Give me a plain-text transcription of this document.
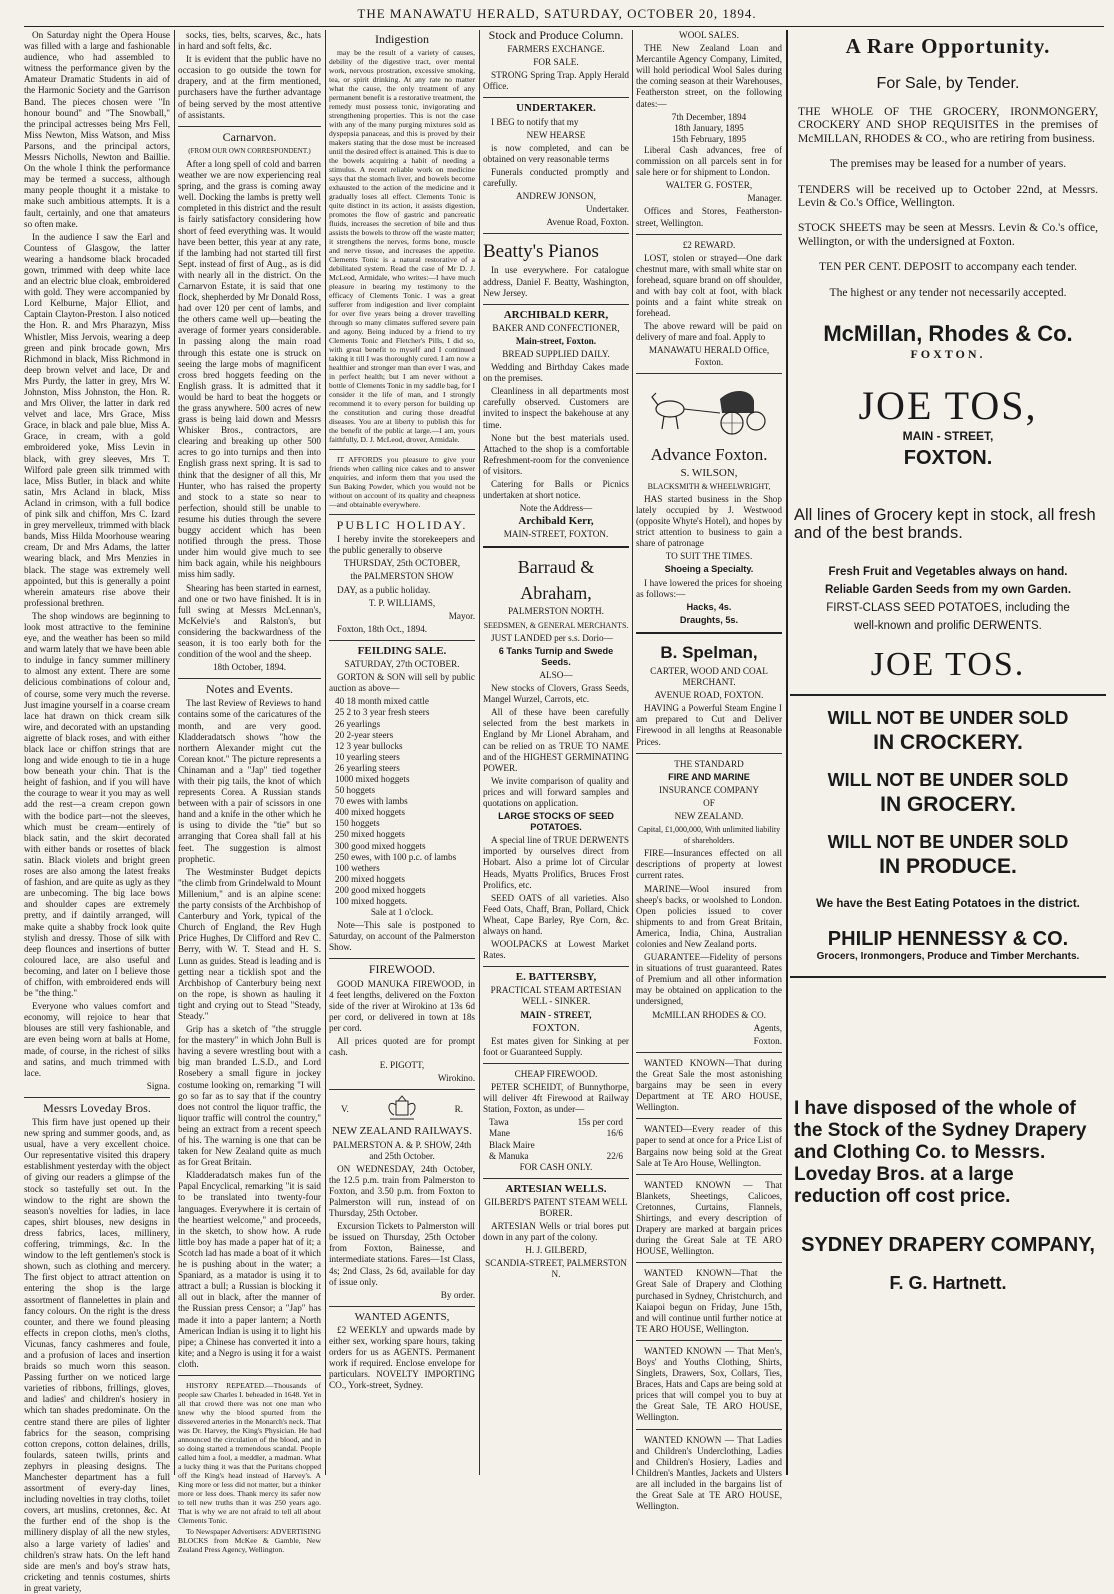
THE MANAWATU HERALD, SATURDAY, OCTOBER 20, 1894.

On Saturday night the Opera House was filled with a large and fashionable audience, who had assembled to witness the performance given by the Amateur Dramatic Students in aid of the Harmonic Society and the Garrison Band. The pieces chosen were "In honour bound" and "The Snowball," the principal actresses being Mrs Fell, Miss Newton, Miss Watson, and Miss Parsons, and the principal actors, Messrs Nicholls, Newton and Baillie. On the whole I think the performance may be termed a success, although many people thought it a mistake to make such ambitious attempts. It is a fault, certainly, and one that amateurs so often make.

In the audience I saw the Earl and Countess of Glasgow, the latter wearing a handsome black brocaded gown, trimmed with deep white lace and an electric blue cloak, embroidered with gold. They were accompanied by Lord Kelburne, Major Elliot, and Captain Clayton-Preston. I also noticed the Hon. R. and Mrs Pharazyn, Miss Whistler, Miss Jervois, wearing a deep green and pink brocade gown, Mrs Richmond in black, Miss Richmond in deep brown velvet and lace, Dr and Mrs Purdy, the latter in grey, Mrs W. Johnston, Miss Johnston, the Hon. R. and Mrs Oliver, the latter in dark red velvet and lace, Mrs Grace, Miss Grace, in black and pale blue, Miss A. Grace, in cream, with a gold embroidered yoke, Miss Levin in black, with grey sleeves, Mrs T. Wilford pale green silk trimmed with lace, Miss Butler, in black and white satin, Mrs Acland in black, Miss Acland in crimson, with a full bodice of pink silk and chiffon, Mrs C. Izard in grey mervelleux, trimmed with black bands, Miss Hilda Moorhouse wearing cream, Dr and Mrs Adams, the latter wearing black, and Mrs Menzies in black. The stage was extremely well appointed, but this is generally a point wherein amateurs rise above their professional brethren.

The shop windows are beginning to look most attractive to the feminine eye, and the weather has been so mild and warm lately that we have been able to indulge in fancy summer millinery to almost any extent. There are some delicious combinations of colour and, of course, some very much the reverse. Just imagine yourself in a coarse cream lace hat drawn on thick cream silk wire, and decorated with an upstanding aigrette of black roses, and with either black lace or chiffon strings that are long and wide enough to tie in a huge bow beneath your chin. That is the height of fashion, and if you will have the courage to wear it you may as well add the rest—a cream crepon gown with the bodice part—not the sleeves, which must be cream—entirely of black satin, and the skirt decorated with either bands or rosettes of black satin. Black violets and bright green roses are also among the latest freaks of fashion, and are quite as ugly as they are unbecoming. The big lace bows and shoulder capes are extremely pretty, and if daintily arranged, will make quite a shabby frock look quite stylish and dressy. Those of silk with deep flounces and insertions of butter coloured lace, are also useful and becoming, and later on I believe those of chiffon, with embroidered ends will be "the thing."

Everyone who values comfort and economy, will rejoice to hear that blouses are still very fashionable, and are even being worn at balls at Home, made, of course, in the richest of silks and satins, and much trimmed with lace.

Signa.

Messrs Loveday Bros.

This firm have just opened up their new spring and summer goods, and, as usual, have a very excellent choice. Our representative visited this drapery establishment yesterday with the object of giving our readers a glimpse of the stock so tastefully set out. In the window to the right are shown the season's novelties for ladies, in lace capes, shirt blouses, new designs in dress fabrics, laces, millinery, coffering, trimmings, &c. In the window to the left gentlemen's stock is shown, such as clothing and mercery. The first object to attract attention on entering the shop is the large assortment of flannelettes in plain and fancy colours. On the right is the dress counter, and there we found pleasing effects in crepon cloths, men's cloths, Vicunas, fancy cashmeres and foule, and a profusion of laces and insertion braids so much worn this season. Passing further on we noticed large varieties of ribbons, frillings, gloves, and ladies' and children's hosiery in which tan shades predominate. On the centre stand there are piles of lighter fabrics for the season, comprising cotton crepons, cotton delaines, drills, foulards, sateen twills, prints and zephyrs in pleasing designs. The Manchester department has a full assortment of every-day lines, including novelties in tray cloths, toilet covers, art muslins, cretonnes, &c. At the further end of the shop is the millinery display of all the new styles, also a large variety of ladies' and children's straw hats. On the left hand side are men's and boy's straw hats, cricketing and tennis costumes, shirts in great variety,

socks, ties, belts, scarves, &c., hats in hard and soft felts, &c.

It is evident that the public have no occasion to go outside the town for drapery, and at the firm mentioned, purchasers have the further advantage of being served by the most attentive of assistants.

Carnarvon.

(FROM OUR OWN CORRESPONDENT.)

After a long spell of cold and barren weather we are now experiencing real spring, and the grass is coming away well. Docking the lambs is pretty well completed in this district and the result is fairly satisfactory considering how short of feed everything was. It would have been better, this year at any rate, if the lambing had not started till first Sept. instead of first of Aug., as is did with nearly all in the district. On the Carnarvon Estate, it is said that one flock, shepherded by Mr Donald Ross, had over 120 per cent of lambs, and the others came well up—beating the average of former years considerable. In passing along the main road through this estate one is struck on seeing the large mobs of magnificent cross bred hoggets feeding on the English grass. It is admitted that it would be hard to beat the hoggets or the grass anywhere. 500 acres of new grass is being laid down and Messrs Whisker Bros., contractors, are clearing and breaking up other 500 acres to go into turnips and then into English grass next spring. It is sad to think that the designer of all this, Mr Hunter, who has raised the property and stock to a state so near to perfection, should still be unable to resume his duties through the severe buggy accident which has been notified through the press. Those under him would give much to see him back again, while his neighbours miss him sadly.

Shearing has been started in earnest, and one or two have finished. It is in full swing at Messrs McLennan's, McKelvie's and Ralston's, but considering the backwardness of the season, it is too early both for the condition of the wool and the sheep.

18th October, 1894.

Notes and Events.

The last Review of Reviews to hand contains some of the caricatures of the month, and are very good. Kladderadatsch shows "how the northern Alexander might cut the Corean knot." The picture represents a Chinaman and a "Jap" tied together with their pig tails, the knot of which represents Corea. A Russian stands between with a pair of scissors in one hand and a knife in the other which he is using to divide the "tie" but so arranging that Corea shall fall at his feet. The suggestion is almost prophetic.

The Westminster Budget depicts "the climb from Grindelwald to Mount Millenium," and is an alpine scene: the party consists of the Archbishop of Canterbury and York, typical of the Church of England, the Rev Hugh Price Hughes, Dr Clifford and Rev C. Berry, with W. T. Stead and H. S. Lunn as guides. Stead is leading and is getting near a ticklish spot and the Archbishop of Canterbury being next on the rope, is shown as hauling it tight and crying out to Stead "Steady, Steady."

Grip has a sketch of "the struggle for the mastery" in which John Bull is having a severe wrestling bout with a big man branded L.S.D., and Lord Rosebery a small figure in jockey costume looking on, remarking "I will go so far as to say that if the country does not control the liquor traffic, the liquor traffic will control the country," being an extract from a recent speech of his. The warning is one that can be taken for New Zealand quite as much as for Great Britain.

Kladderadatsch makes fun of the Papal Encyclical, remarking "it is said to be translated into twenty-four languages. Everywhere it is certain of the heartiest welcome," and proceeds, in the sketch, to show how. A rude little boy has made a paper hat of it; a Scotch lad has made a boat of it which he is pushing about in the water; a Spaniard, as a matador is using it to attract a bull; a Russian is blocking it all out in black, after the manner of the Russian press Censor; a "Jap" has made it into a paper lantern; a North American Indian is using it to light his pipe; a Chinese has converted it into a kite; and a Negro is using it for a waist cloth.

HISTORY REPEATED.—Thousands of people saw Charles I. beheaded in 1648. Yet in all that crowd there was not one man who knew why the blood spurted from the dissevered arteries in the Monarch's neck. That was Dr. Harvey, the King's Physician. He had announced the circulation of the blood, and in so doing started a tremendous scandal. People called him a fool, a meddler, a madman. What a lucky thing it was that the Puritans chopped off the King's head instead of Harvey's. A King more or less did not matter, but a thinker more or less does. Thank mercy its safer now to tell new truths than it was 250 years ago. That is why we are not afraid to tell all about Clements Tonic.

To Newspaper Advertisers: ADVERTISING BLOCKS from McKee & Gamble, New Zealand Press Agency, Wellington.

Indigestion

may be the result of a variety of causes, debility of the digestive tract, over mental work, nervous prostration, excessive smoking, tea, or spirit drinking. At any rate no matter what the cause, the only treatment of any permanent benefit is a restorative treatment, the remedy must possess tonic, invigorating and strengthening properties. This is not the case with any of the many purging mixtures sold as dyspepsia panaceas, and this is proved by their makers stating that the dose must be increased until the desired effect is attained. This is due to the bowels acquiring a habit of needing a stimulus. A recent reliable work on medicine says that the stomach liver, and bowels become exhausted to the action of the medicine and it gradually loses all effect. Clements Tonic is quite distinct in its action, it assists digestion, promotes the flow of gastric and pancreatic fluids, increases the secretion of bile and thus assists the bowels to throw off the waste matter; it strengthens the nerves, forms bone, muscle and nerve tissue, and increases the appetite. Clements Tonic is a natural restorative of a debilitated system. Read the case of Mr D. J. McLeod, Armidale, who writes:—I have much pleasure in bearing my testimony to the efficacy of Clements Tonic. I was a great sufferer from indigestion and liver complaint for over five years being a drover travelling through so many climates suffered severe pain and agony. Being induced by a friend to try Clements Tonic and Fletcher's Pills, I did so, with great benefit to myself and I continued taking it till I was thoroughly cured. I am now a healthier and stronger man than ever I was, and in perfect health; but I am never without a bottle of Clements Tonic in my saddle bag, for I consider it the life of man, and I strongly recommend it to every person for building up the constitution and curing those dreadful diseases. You are at liberty to publish this for the benefit of the public at large.—I am, yours faithfully, D. J. McLeod, drover, Armidale.

IT AFFORDS you pleasure to give your friends when calling nice cakes and to answer enquiries, and inform them that you used the Sun Baking Powder, which you would not be without on account of its quality and cheapness—and obtainable everywhere.

PUBLIC HOLIDAY.

I hereby invite the storekeepers and the public generally to observe

THURSDAY, 25th OCTOBER,

the PALMERSTON SHOW

DAY, as a public holiday.

T. P. WILLIAMS,

Mayor.

Foxton, 18th Oct., 1894.

FEILDING SALE.

SATURDAY, 27th OCTOBER.

GORTON & SON will sell by public auction as above—

40 18 month mixed cattle
25 2 to 3 year fresh steers
26 yearlings
20 2-year steers
12 3 year bullocks
10 yearling steers
26 yearling steers
1000 mixed hoggets
50 hoggets
70 ewes with lambs
400 mixed hoggets
150 hoggets
250 mixed hoggets
300 good mixed hoggets
250 ewes, with 100 p.c. of lambs
100 wethers
200 mixed hoggets
200 good mixed hoggets
100 mixed hoggets.

Sale at 1 o'clock.

Note—This sale is postponed to Saturday, on account of the Palmerston Show.

FIREWOOD.

GOOD MANUKA FIREWOOD, in 4 feet lengths, delivered on the Foxton side of the river at Wirokino at 13s 6d per cord, or delivered in town at 18s per cord.

All prices quoted are for prompt cash.

E. PIGOTT,

Wirokino.

V.	R.
NEW ZEALAND RAILWAYS.

PALMERSTON A. & P. SHOW, 24th and 25th October.

ON WEDNESDAY, 24th October, the 12.5 p.m. train from Palmerston to Foxton, and 3.50 p.m. from Foxton to Palmerston will run, instead of on Thursday, 25th October.

Excursion Tickets to Palmerston will be issued on Thursday, 25th October from Foxton, Bainesse, and intermediate stations. Fares—1st Class, 4s; 2nd Class, 2s 6d, available for day of issue only.

By order.

WANTED AGENTS,

£2 WEEKLY and upwards made by either sex, working spare hours, taking orders for us as AGENTS. Permanent work if required. Enclose envelope for particulars. NOVELTY IMPORTING CO., York-street, Sydney.

Stock and Produce Column.

FARMERS EXCHANGE.

FOR SALE.

STRONG Spring Trap. Apply Herald Office.

UNDERTAKER.

I BEG to notify that my

NEW HEARSE

is now completed, and can be obtained on very reasonable terms

Funerals conducted promptly and carefully.

ANDREW JONSON,

Undertaker.

Avenue Road, Foxton.

Beatty's Pianos

In use everywhere. For catalogue address, Daniel F. Beatty, Washington, New Jersey.

ARCHIBALD KERR,

BAKER AND CONFECTIONER,

Main-street, Foxton.

BREAD SUPPLIED DAILY.

Wedding and Birthday Cakes made on the premises.

Cleanliness in all departments most carefully observed. Customers are invited to inspect the bakehouse at any time.

None but the best materials used. Attached to the shop is a comfortable Refreshment-room for the convenience of visitors.

Catering for Balls or Picnics undertaken at short notice.

Note the Address—

Archibald Kerr,

MAIN-STREET, FOXTON.

Barraud & Abraham,

PALMERSTON NORTH.

SEEDSMEN, & GENERAL MERCHANTS.

JUST LANDED per s.s. Dorio—

6 Tanks Turnip and Swede Seeds.

ALSO—

New stocks of Clovers, Grass Seeds, Mangel Wurzel, Carrots, etc.

All of these have been carefully selected from the best markets in England by Mr Lionel Abraham, and can be relied on as TRUE TO NAME and of the HIGHEST GERMINATING POWER.

We invite comparison of quality and prices and will forward samples and quotations on application.

LARGE STOCKS OF SEED POTATOES.

A special line of TRUE DERWENTS imported by ourselves direct from Hobart. Also a prime lot of Circular Heads, Myatts Prolifics, Bruces Frost Prolifics, etc.

SEED OATS of all varieties. Also Feed Oats, Chaff, Bran, Pollard, Chick Wheat, Cape Barley, Rye Corn, &c. always on hand.

WOOLPACKS at Lowest Market Rates.

E. BATTERSBY,

PRACTICAL STEAM ARTESIAN WELL - SINKER.

MAIN - STREET,

FOXTON.

Est mates given for Sinking at per foot or Guaranteed Supply.

CHEAP FIREWOOD.

PETER SCHEIDT, of Bunnythorpe, will deliver 4ft Firewood at Railway Station, Foxton, as under—

Tawa	15s per cord
Mane	16/6
Black Maire
& Manuka	22/6

FOR CASH ONLY.

ARTESIAN WELLS.

GILBERD'S PATENT STEAM WELL BORER.

ARTESIAN Wells or trial bores put down in any part of the colony.

H. J. GILBERD,

SCANDIA-STREET, PALMERSTON N.

WOOL SALES.

THE New Zealand Loan and Mercantile Agency Company, Limited, will hold periodical Wool Sales during the coming season at their Warehouses, Featherston street, on the following dates:—

7th December, 1894
18th January, 1895
15th February, 1895

Liberal Cash advances, free of commission on all parcels sent in for sale here or for shipment to London.

WALTER G. FOSTER,

Manager.

Offices and Stores, Featherston-street, Wellington.

£2 REWARD.

LOST, stolen or strayed—One dark chestnut mare, with small white star on forehead, square brand on off shoulder, and with bay colt at foot, with black points and a faint white streak on forehead.

The above reward will be paid on delivery of mare and foal. Apply to

MANAWATU HERALD Office, Foxton.

Advance Foxton.

S. WILSON,

BLACKSMITH & WHEELWRIGHT,

HAS started business in the Shop lately occupied by J. Westwood (opposite Whyte's Hotel), and hopes by strict attention to business to gain a share of patronage

TO SUIT THE TIMES.

Shoeing a Specialty.

I have lowered the prices for shoeing as follows:—

Hacks, 4s.

Draughts, 5s.

B. Spelman,

CARTER, WOOD AND COAL MERCHANT.

AVENUE ROAD, FOXTON.

HAVING a Powerful Steam Engine I am prepared to Cut and Deliver Firewood in all lengths at Reasonable Prices.

THE STANDARD

FIRE AND MARINE

INSURANCE COMPANY

OF

NEW ZEALAND.

Capital, £1,000,000, With unlimited liability of shareholders.

FIRE—Insurances effected on all descriptions of property at lowest current rates.

MARINE—Wool insured from sheep's backs, or woolshed to London. Open policies issued to cover shipments to and from Great Britain, America, India, China, Australian colonies and New Zealand ports.

GUARANTEE—Fidelity of persons in situations of trust guaranteed. Rates of Premium and all other information may be obtained on application to the undersigned,

McMILLAN RHODES & CO.

Agents,

Foxton.

WANTED KNOWN—That during the Great Sale the most astonishing bargains may be seen in every Department at TE ARO HOUSE, Wellington.

WANTED—Every reader of this paper to send at once for a Price List of Bargains now being sold at the Great Sale at Te Aro House, Wellington.

WANTED KNOWN — That Blankets, Sheetings, Calicoes, Cretonnes, Curtains, Flannels, Shirtings, and every description of Drapery are marked at bargain prices during the Great Sale at TE ARO HOUSE, Wellington.

WANTED KNOWN—That the Great Sale of Drapery and Clothing purchased in Sydney, Christchurch, and Kaiapoi begun on Friday, June 15th, and will continue until further notice at TE ARO HOUSE, Wellington.

WANTED KNOWN — That Men's, Boys' and Youths Clothing, Shirts, Singlets, Drawers, Sox, Collars, Ties, Braces, Hats and Caps are being sold at prices that will compel you to buy at the Great Sale, TE ARO HOUSE, Wellington.

WANTED KNOWN — That Ladies and Children's Underclothing, Ladies and Children's Hosiery, Ladies and Children's Mantles, Jackets and Ulsters are all included in the bargains list of the Great Sale at TE ARO HOUSE, Wellington.

A Rare Opportunity.
For Sale, by Tender.

THE WHOLE OF THE GROCERY, IRONMONGERY, CROCKERY AND SHOP REQUISITES in the premises of McMILLAN, RHODES & CO., who are retiring from business.

The premises may be leased for a number of years.

TENDERS will be received up to October 22nd, at Messrs. Levin & Co.'s Office, Wellington.

STOCK SHEETS may be seen at Messrs. Levin & Co.'s office, Wellington, or with the undersigned at Foxton.

TEN PER CENT. DEPOSIT to accompany each tender.

The highest or any tender not necessarily accepted.

McMillan, Rhodes & Co.
FOXTON.
JOE TOS,
MAIN - STREET,
FOXTON.
All lines of Grocery kept in stock, all fresh and of the best brands.
Fresh Fruit and Vegetables always on hand.
Reliable Garden Seeds from my own Garden.
FIRST-CLASS SEED POTATOES, including the
well-known and prolific DERWENTS.
JOE TOS.
WILL NOT BE UNDER SOLD
IN CROCKERY.
WILL NOT BE UNDER SOLD
IN GROCERY.
WILL NOT BE UNDER SOLD
IN PRODUCE.
We have the Best Eating Potatoes in the district.
PHILIP HENNESSY & CO.
Grocers, Ironmongers, Produce and Timber Merchants.
I have disposed of the whole of the Stock of the Sydney Drapery and Clothing Co. to Messrs. Loveday Bros. at a large reduction off cost price.
SYDNEY DRAPERY COMPANY,
F. G. Hartnett.
